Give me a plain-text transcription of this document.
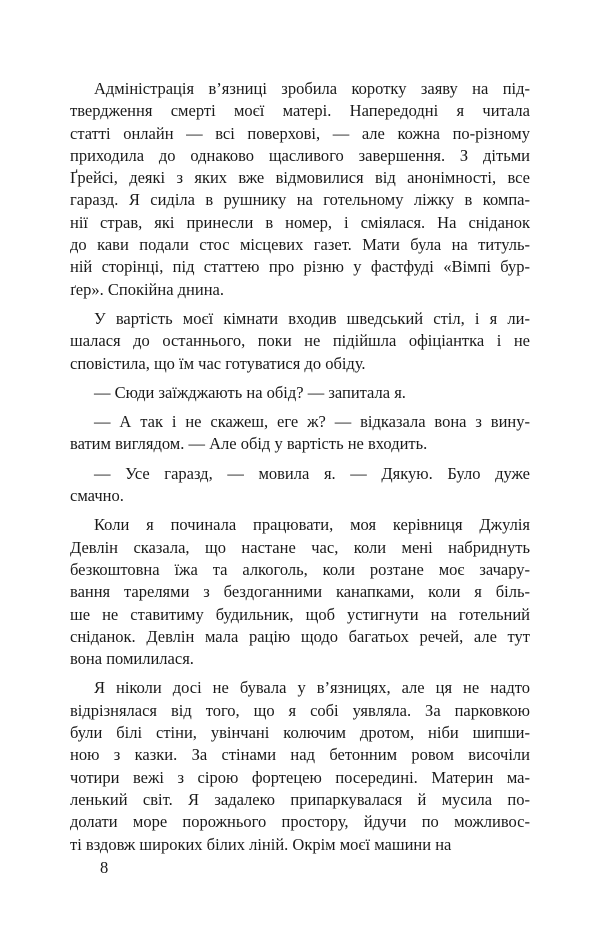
Адміністрація в’язниці зробила коротку заяву на під-
твердження смерті моєї матері. Напередодні я читала
статті онлайн — всі поверхові, — але кожна по-різному
приходила до однаково щасливого завершення. З дітьми
Ґрейсі, деякі з яких вже відмовилися від анонімності, все
гаразд. Я сиділа в рушнику на готельному ліжку в компа-
нії страв, які принесли в номер, і сміялася. На сніданок
до кави подали стос місцевих газет. Мати була на титуль-
ній сторінці, під статтею про різню у фастфуді «Вімпі бур-
ґер». Спокійна днина.
У вартість моєї кімнати входив шведський стіл, і я ли-
шалася до останнього, поки не підійшла офіціантка і не
сповістила, що їм час готуватися до обіду.
— Сюди заїжджають на обід? — запитала я.
— А так і не скажеш, еге ж? — відказала вона з вину-
ватим виглядом. — Але обід у вартість не входить.
— Усе гаразд, — мовила я. — Дякую. Було дуже
смачно.
Коли я починала працювати, моя керівниця Джулія
Девлін сказала, що настане час, коли мені набриднуть
безкоштовна їжа та алкоголь, коли розтане моє зачару-
вання тарелями з бездоганними канапками, коли я біль-
ше не ставитиму будильник, щоб устигнути на готельний
сніданок. Девлін мала рацію щодо багатьох речей, але тут
вона помилилася.
Я ніколи досі не бувала у в’язницях, але ця не надто
відрізнялася від того, що я собі уявляла. За парковкою
були білі стіни, увінчані колючим дротом, ніби шипши-
ною з казки. За стінами над бетонним ровом височіли
чотири вежі з сірою фортецею посередині. Материн ма-
ленький світ. Я задалеко припаркувалася й мусила по-
долати море порожнього простору, йдучи по можливос-
ті вздовж широких білих ліній. Окрім моєї машини на
8
